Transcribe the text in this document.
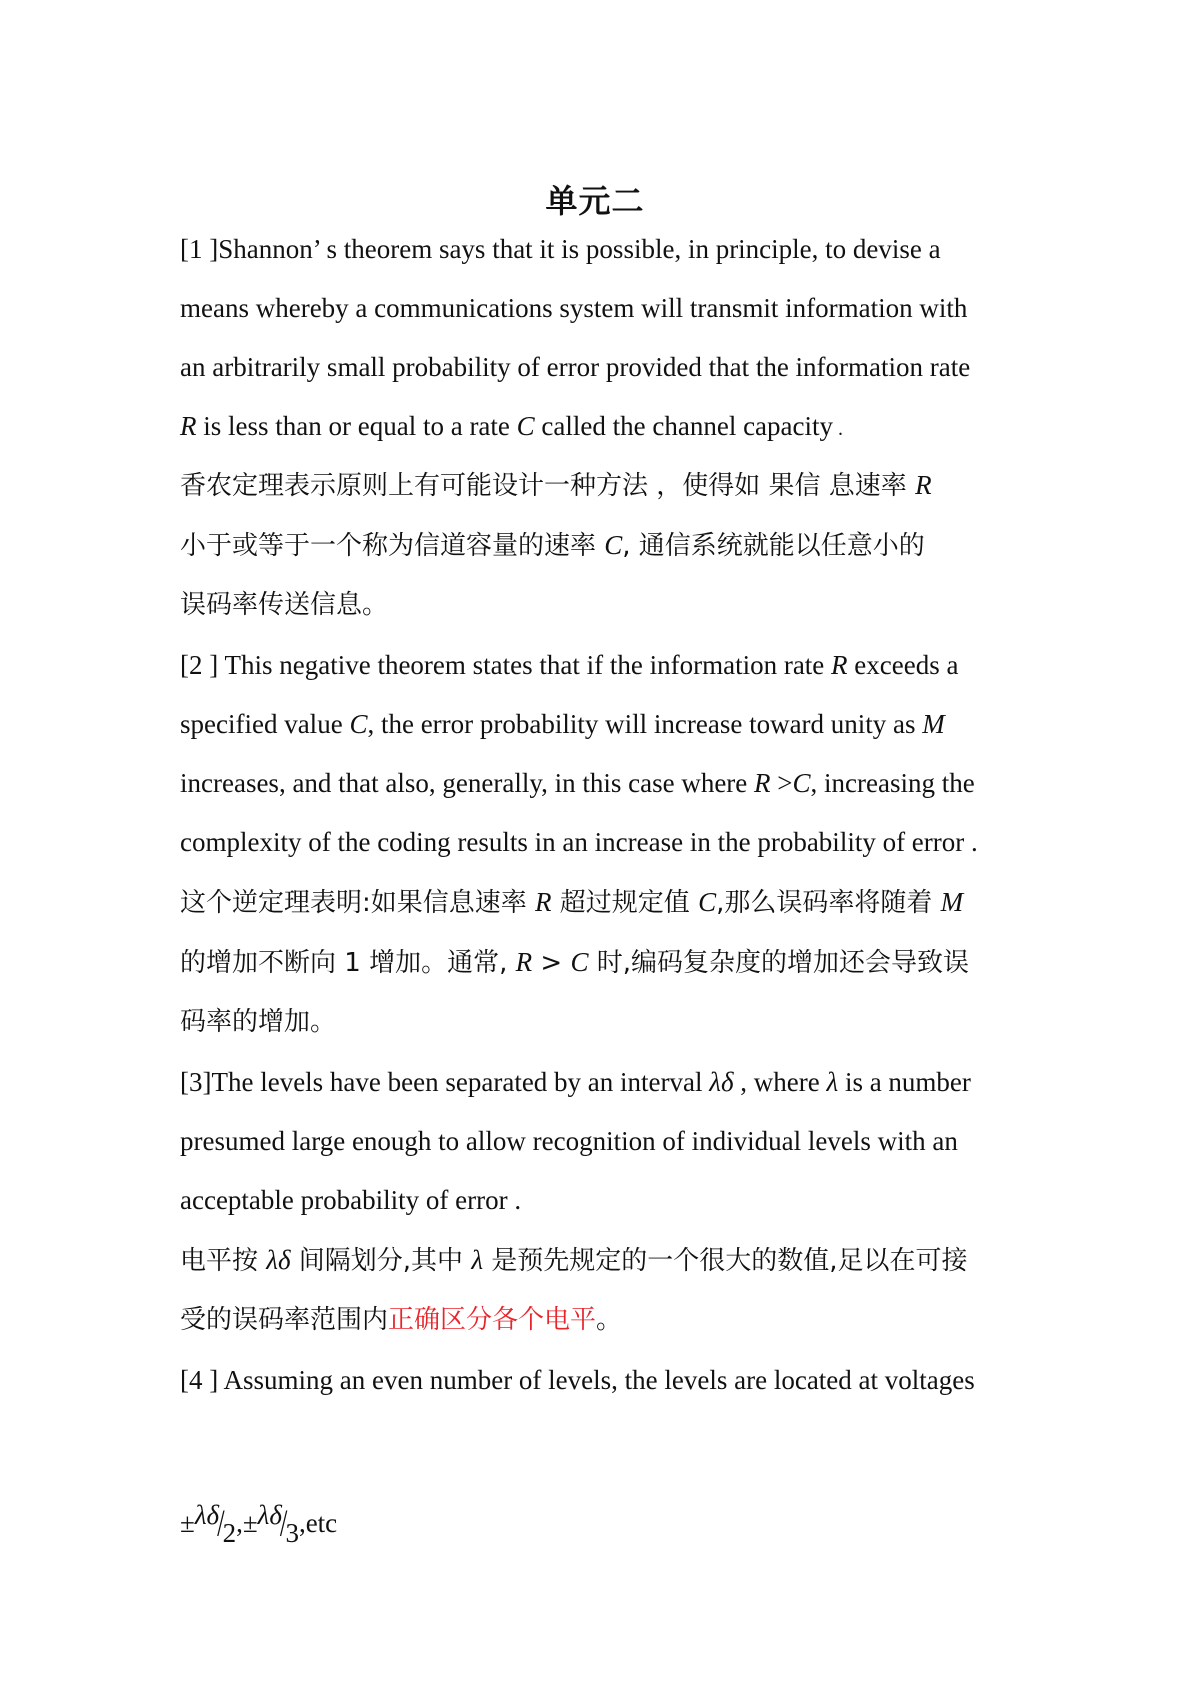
单元二
[1 ]Shannon’ s theorem says that it is possible, in principle, to devise a
means whereby a communications system will transmit information with
an arbitrarily small probability of error provided that the information rate
R is less than or equal to a rate C called the channel capacity .
香农定理表示原则上有可能设计一种方法 ，使得如 果信 息速率 R
小于或等于一个称为信道容量的速率 C, 通信系统就能以任意小的
误码率传送信息。
[2 ] This negative theorem states that if the information rate R exceeds a
specified value C, the error probability will increase toward unity as M
increases, and that also, generally, in this case where R >C, increasing the
complexity of the coding results in an increase in the probability of error .
这个逆定理表明:如果信息速率 R 超过规定值 C,那么误码率将随着 M
的增加不断向 1 增加。通常, R > C 时,编码复杂度的增加还会导致误
码率的增加。
[3]The levels have been separated by an interval λδ , where λ is a number
presumed large enough to allow recognition of individual levels with an
acceptable probability of error .
电平按 λδ 间隔划分,其中 λ 是预先规定的一个很大的数值,足以在可接
受的误码率范围内正确区分各个电平。
[4 ] Assuming an even number of levels, the levels are located at voltages
±λδ/2,±λδ/3,etc
